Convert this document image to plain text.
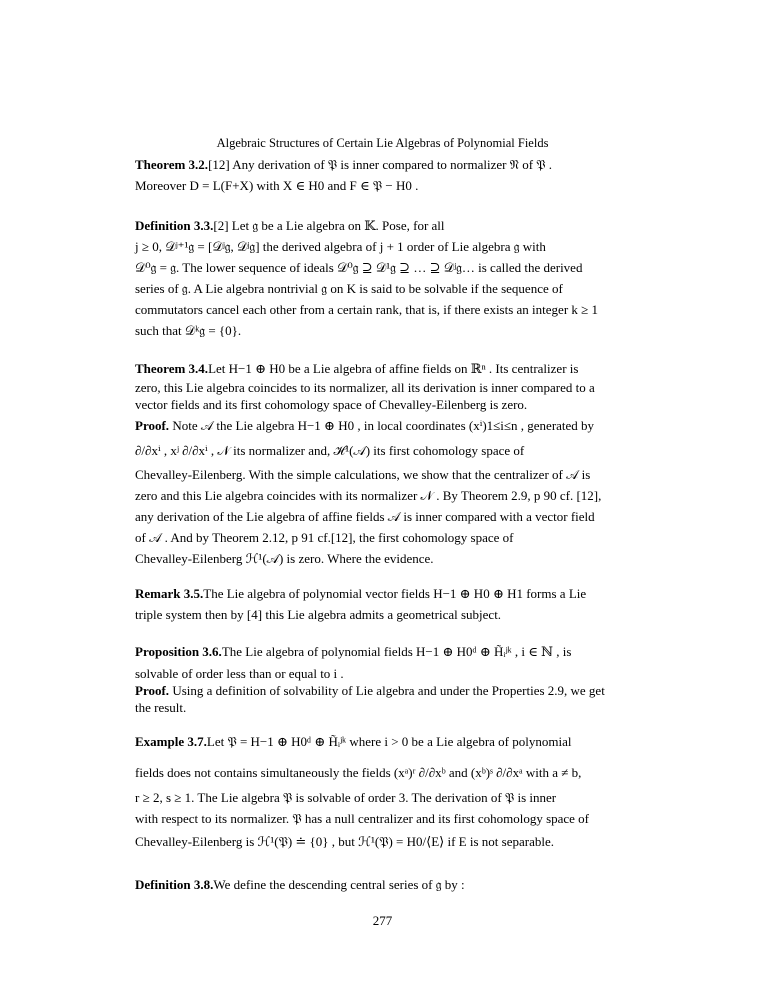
Algebraic Structures of Certain Lie Algebras of Polynomial Fields
Theorem 3.2.[12] Any derivation of 𝔓 is inner compared to normalizer 𝔑 of 𝔓 .
Moreover D = L(F+X) with X ∈ H0 and F ∈ 𝔓 − H0 .
Definition 3.3.[2] Let 𝔤 be a Lie algebra on 𝕂. Pose, for all
j ≥ 0, 𝒟ʲ⁺¹𝔤 = [𝒟ʲ𝔤, 𝒟ʲ𝔤] the derived algebra of j + 1 order of Lie algebra 𝔤 with
𝒟⁰𝔤 = 𝔤. The lower sequence of ideals 𝒟⁰𝔤 ⊇ 𝒟¹𝔤 ⊇ … ⊇ 𝒟ʲ𝔤… is called the derived
series of 𝔤. A Lie algebra nontrivial 𝔤 on K is said to be solvable if the sequence of
commutators cancel each other from a certain rank, that is, if there exists an integer k ≥ 1
such that 𝒟ᵏ𝔤 = {0}.
Theorem 3.4.Let H−1 ⊕ H0 be a Lie algebra of affine fields on ℝⁿ . Its centralizer is
zero, this Lie algebra coincides to its normalizer, all its derivation is inner compared to a
vector fields and its first cohomology space of Chevalley-Eilenberg is zero.
Proof. Note 𝒜 the Lie algebra H−1 ⊕ H0 , in local coordinates (xⁱ)1≤i≤n , generated by
∂/∂xⁱ , xʲ ∂/∂xⁱ , 𝒩 its normalizer and, ℋ¹(𝒜) its first cohomology space of
Chevalley-Eilenberg. With the simple calculations, we show that the centralizer of 𝒜 is
zero and this Lie algebra coincides with its normalizer 𝒩 . By Theorem 2.9, p 90 cf. [12],
any derivation of the Lie algebra of affine fields 𝒜 is inner compared with a vector field
of 𝒜 . And by Theorem 2.12, p 91 cf.[12], the first cohomology space of
Chevalley-Eilenberg ℋ¹(𝒜) is zero. Where the evidence.
Remark 3.5.The Lie algebra of polynomial vector fields H−1 ⊕ H0 ⊕ H1 forms a Lie
triple system then by [4] this Lie algebra admits a geometrical subject.
Proposition 3.6.The Lie algebra of polynomial fields H−1 ⊕ H0ᵈ ⊕ H̃ᵢʲᵏ , i ∈ ℕ , is
solvable of order less than or equal to i .
Proof. Using a definition of solvability of Lie algebra and under the Properties 2.9, we get
the result.
Example 3.7.Let 𝔓 = H−1 ⊕ H0ᵈ ⊕ H̃ᵢʲᵏ where i > 0 be a Lie algebra of polynomial
fields does not contains simultaneously the fields (xᵃ)ʳ ∂/∂xᵇ and (xᵇ)ˢ ∂/∂xᵃ with a ≠ b,
r ≥ 2, s ≥ 1. The Lie algebra 𝔓 is solvable of order 3. The derivation of 𝔓 is inner
with respect to its normalizer. 𝔓 has a null centralizer and its first cohomology space of
Chevalley-Eilenberg is ℋ¹(𝔓) ≐ {0} , but ℋ¹(𝔓) = H0/⟨E⟩ if E is not separable.
Definition 3.8.We define the descending central series of 𝔤 by :
277
